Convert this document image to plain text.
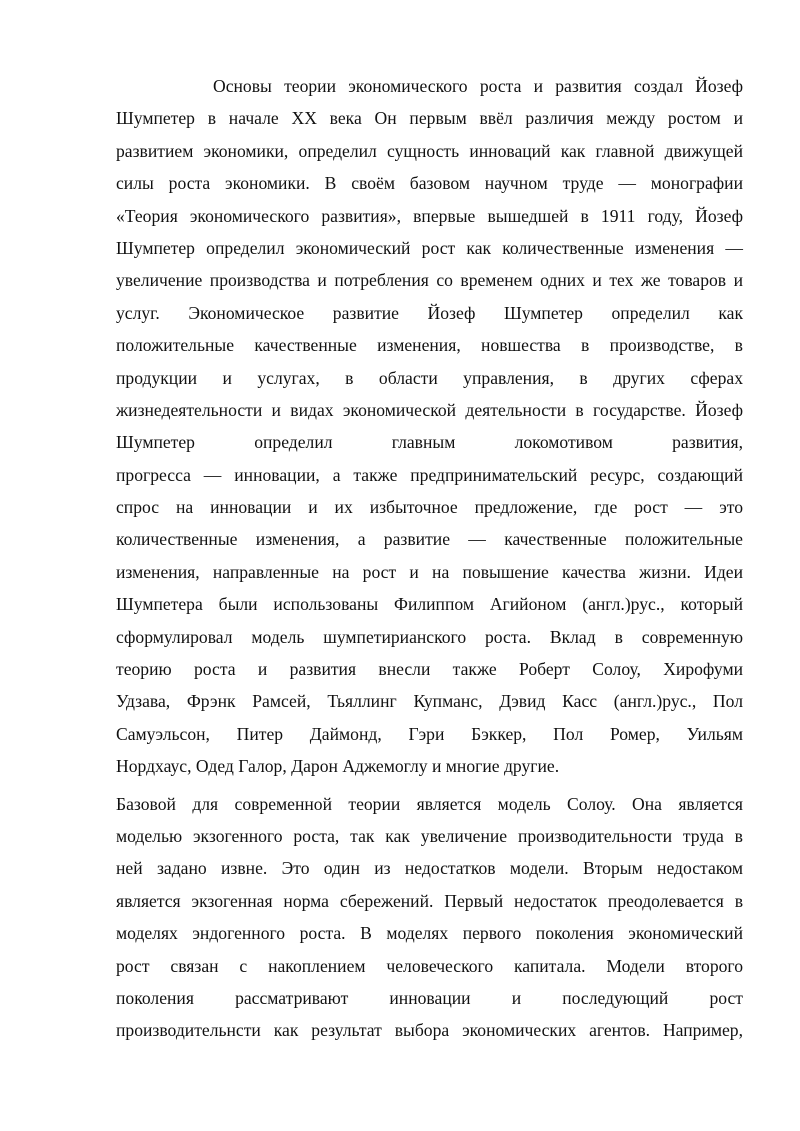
Основы теории экономического роста и развития создал Йозеф
Шумпетер в начале XX века Он первым ввёл различия между ростом и
развитием экономики, определил сущность инноваций как главной движущей
силы роста экономики. В своём базовом научном труде — монографии
«Теория экономического развития», впервые вышедшей в 1911 году, Йозеф
Шумпетер определил экономический рост как количественные изменения —
увеличение производства и потребления со временем одних и тех же товаров и
услуг. Экономическое развитие Йозеф Шумпетер определил как
положительные качественные изменения, новшества в производстве, в
продукции и услугах, в области управления, в других сферах
жизнедеятельности и видах экономической деятельности в государстве. Йозеф
Шумпетер определил главным локомотивом развития,
прогресса — инновации, а также предпринимательский ресурс, создающий
спрос на инновации и их избыточное предложение, где рост — это
количественные изменения, а развитие — качественные положительные
изменения, направленные на рост и на повышение качества жизни. Идеи
Шумпетера были использованы Филиппом Агийоном (англ.)рус., который
сформулировал модель шумпетирианского роста. Вклад в современную
теорию роста и развития внесли также Роберт Солоу, Хирофуми
Удзава, Фрэнк Рамсей, Тьяллинг Купманс, Дэвид Касс (англ.)рус., Пол
Самуэльсон, Питер Даймонд, Гэри Бэккер, Пол Ромер, Уильям
Нордхаус, Одед Галор, Дарон Аджемоглу и многие другие.
Базовой для современной теории является модель Солоу. Она является
моделью экзогенного роста, так как увеличение производительности труда в
ней задано извне. Это один из недостатков модели. Вторым недостаком
является экзогенная норма сбережений. Первый недостаток преодолевается в
моделях эндогенного роста. В моделях первого поколения экономический
рост связан с накоплением человеческого капитала. Модели второго
поколения рассматривают инновации и последующий рост
производительнсти как результат выбора экономических агентов. Например,
